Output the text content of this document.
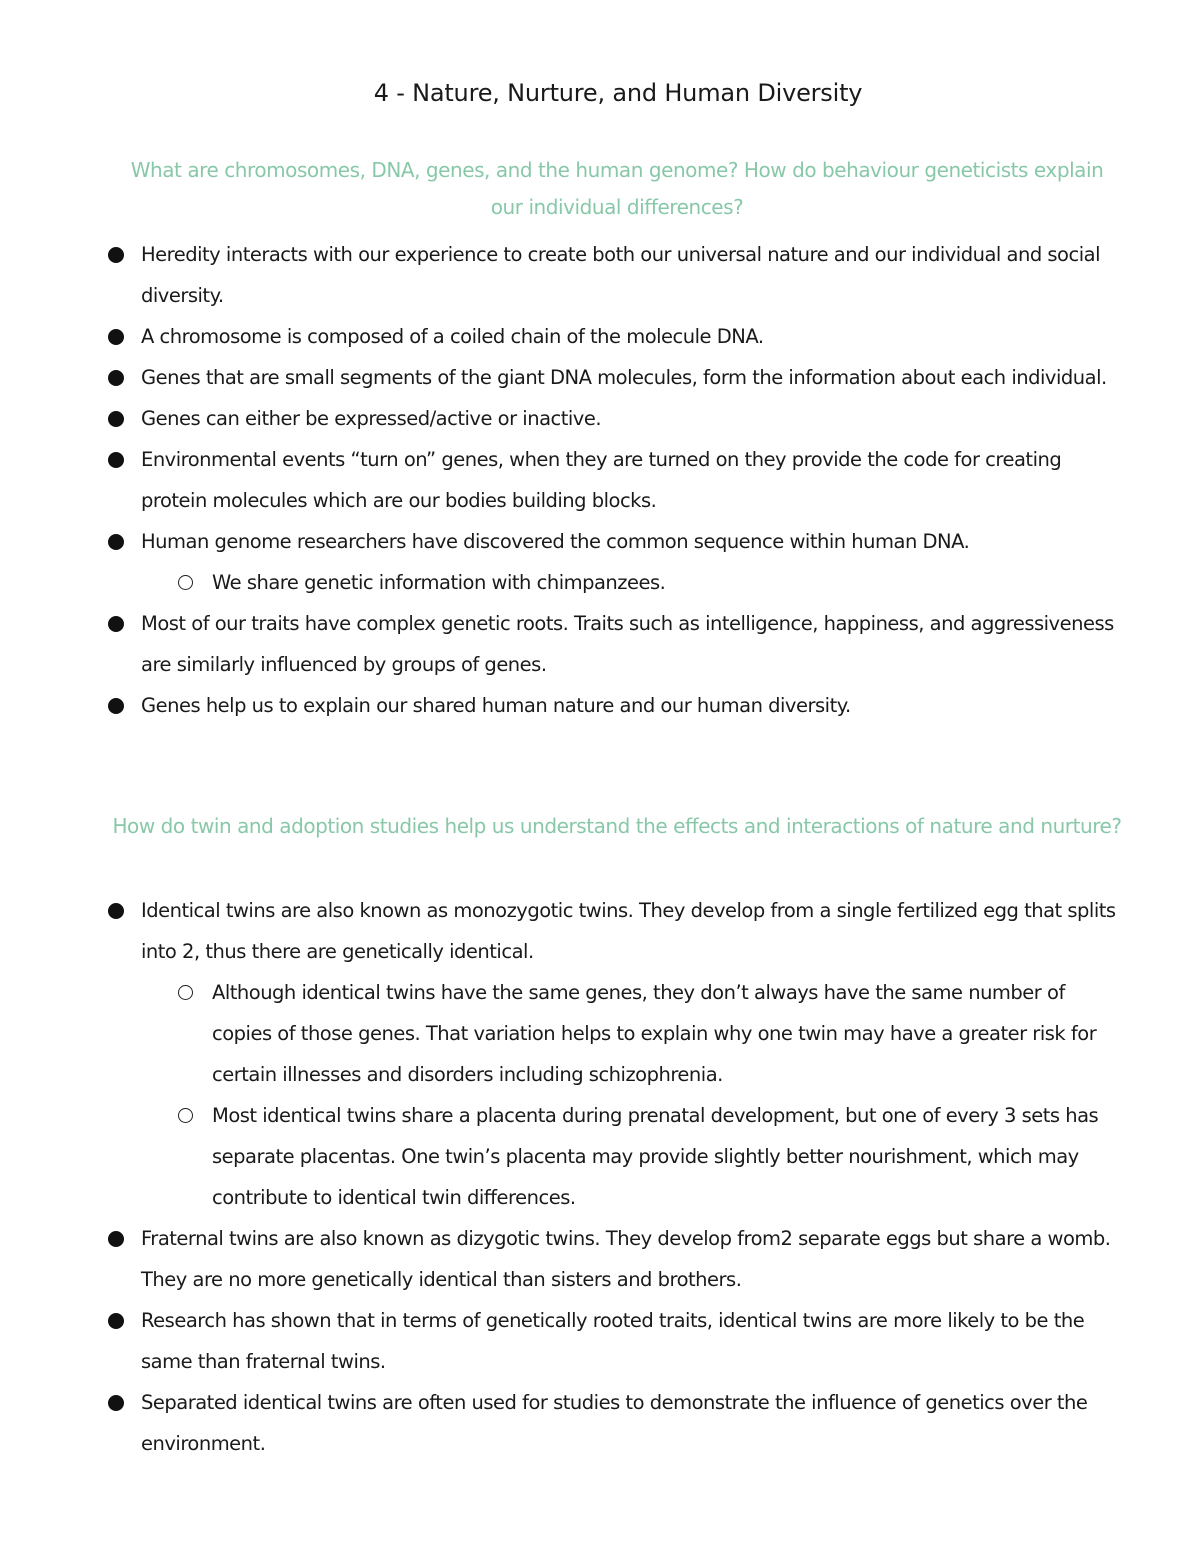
4 - Nature, Nurture, and Human Diversity
What are chromosomes, DNA, genes, and the human genome? How do behaviour geneticists explain our individual differences?
Heredity interacts with our experience to create both our universal nature and our individual and social diversity.
A chromosome is composed of a coiled chain of the molecule DNA.
Genes that are small segments of the giant DNA molecules, form the information about each individual.
Genes can either be expressed/active or inactive.
Environmental events “turn on” genes, when they are turned on they provide the code for creating protein molecules which are our bodies building blocks.
Human genome researchers have discovered the common sequence within human DNA.
We share genetic information with chimpanzees.
Most of our traits have complex genetic roots. Traits such as intelligence, happiness, and aggressiveness are similarly influenced by groups of genes.
Genes help us to explain our shared human nature and our human diversity.
How do twin and adoption studies help us understand the effects and interactions of nature and nurture?
Identical twins are also known as monozygotic twins. They develop from a single fertilized egg that splits into 2, thus there are genetically identical.
Although identical twins have the same genes, they don’t always have the same number of copies of those genes. That variation helps to explain why one twin may have a greater risk for certain illnesses and disorders including schizophrenia.
Most identical twins share a placenta during prenatal development, but one of every 3 sets has separate placentas. One twin’s placenta may provide slightly better nourishment, which may contribute to identical twin differences.
Fraternal twins are also known as dizygotic twins. They develop from2 separate eggs but share a womb. They are no more genetically identical than sisters and brothers.
Research has shown that in terms of genetically rooted traits, identical twins are more likely to be the same than fraternal twins.
Separated identical twins are often used for studies to demonstrate the influence of genetics over the environment.
